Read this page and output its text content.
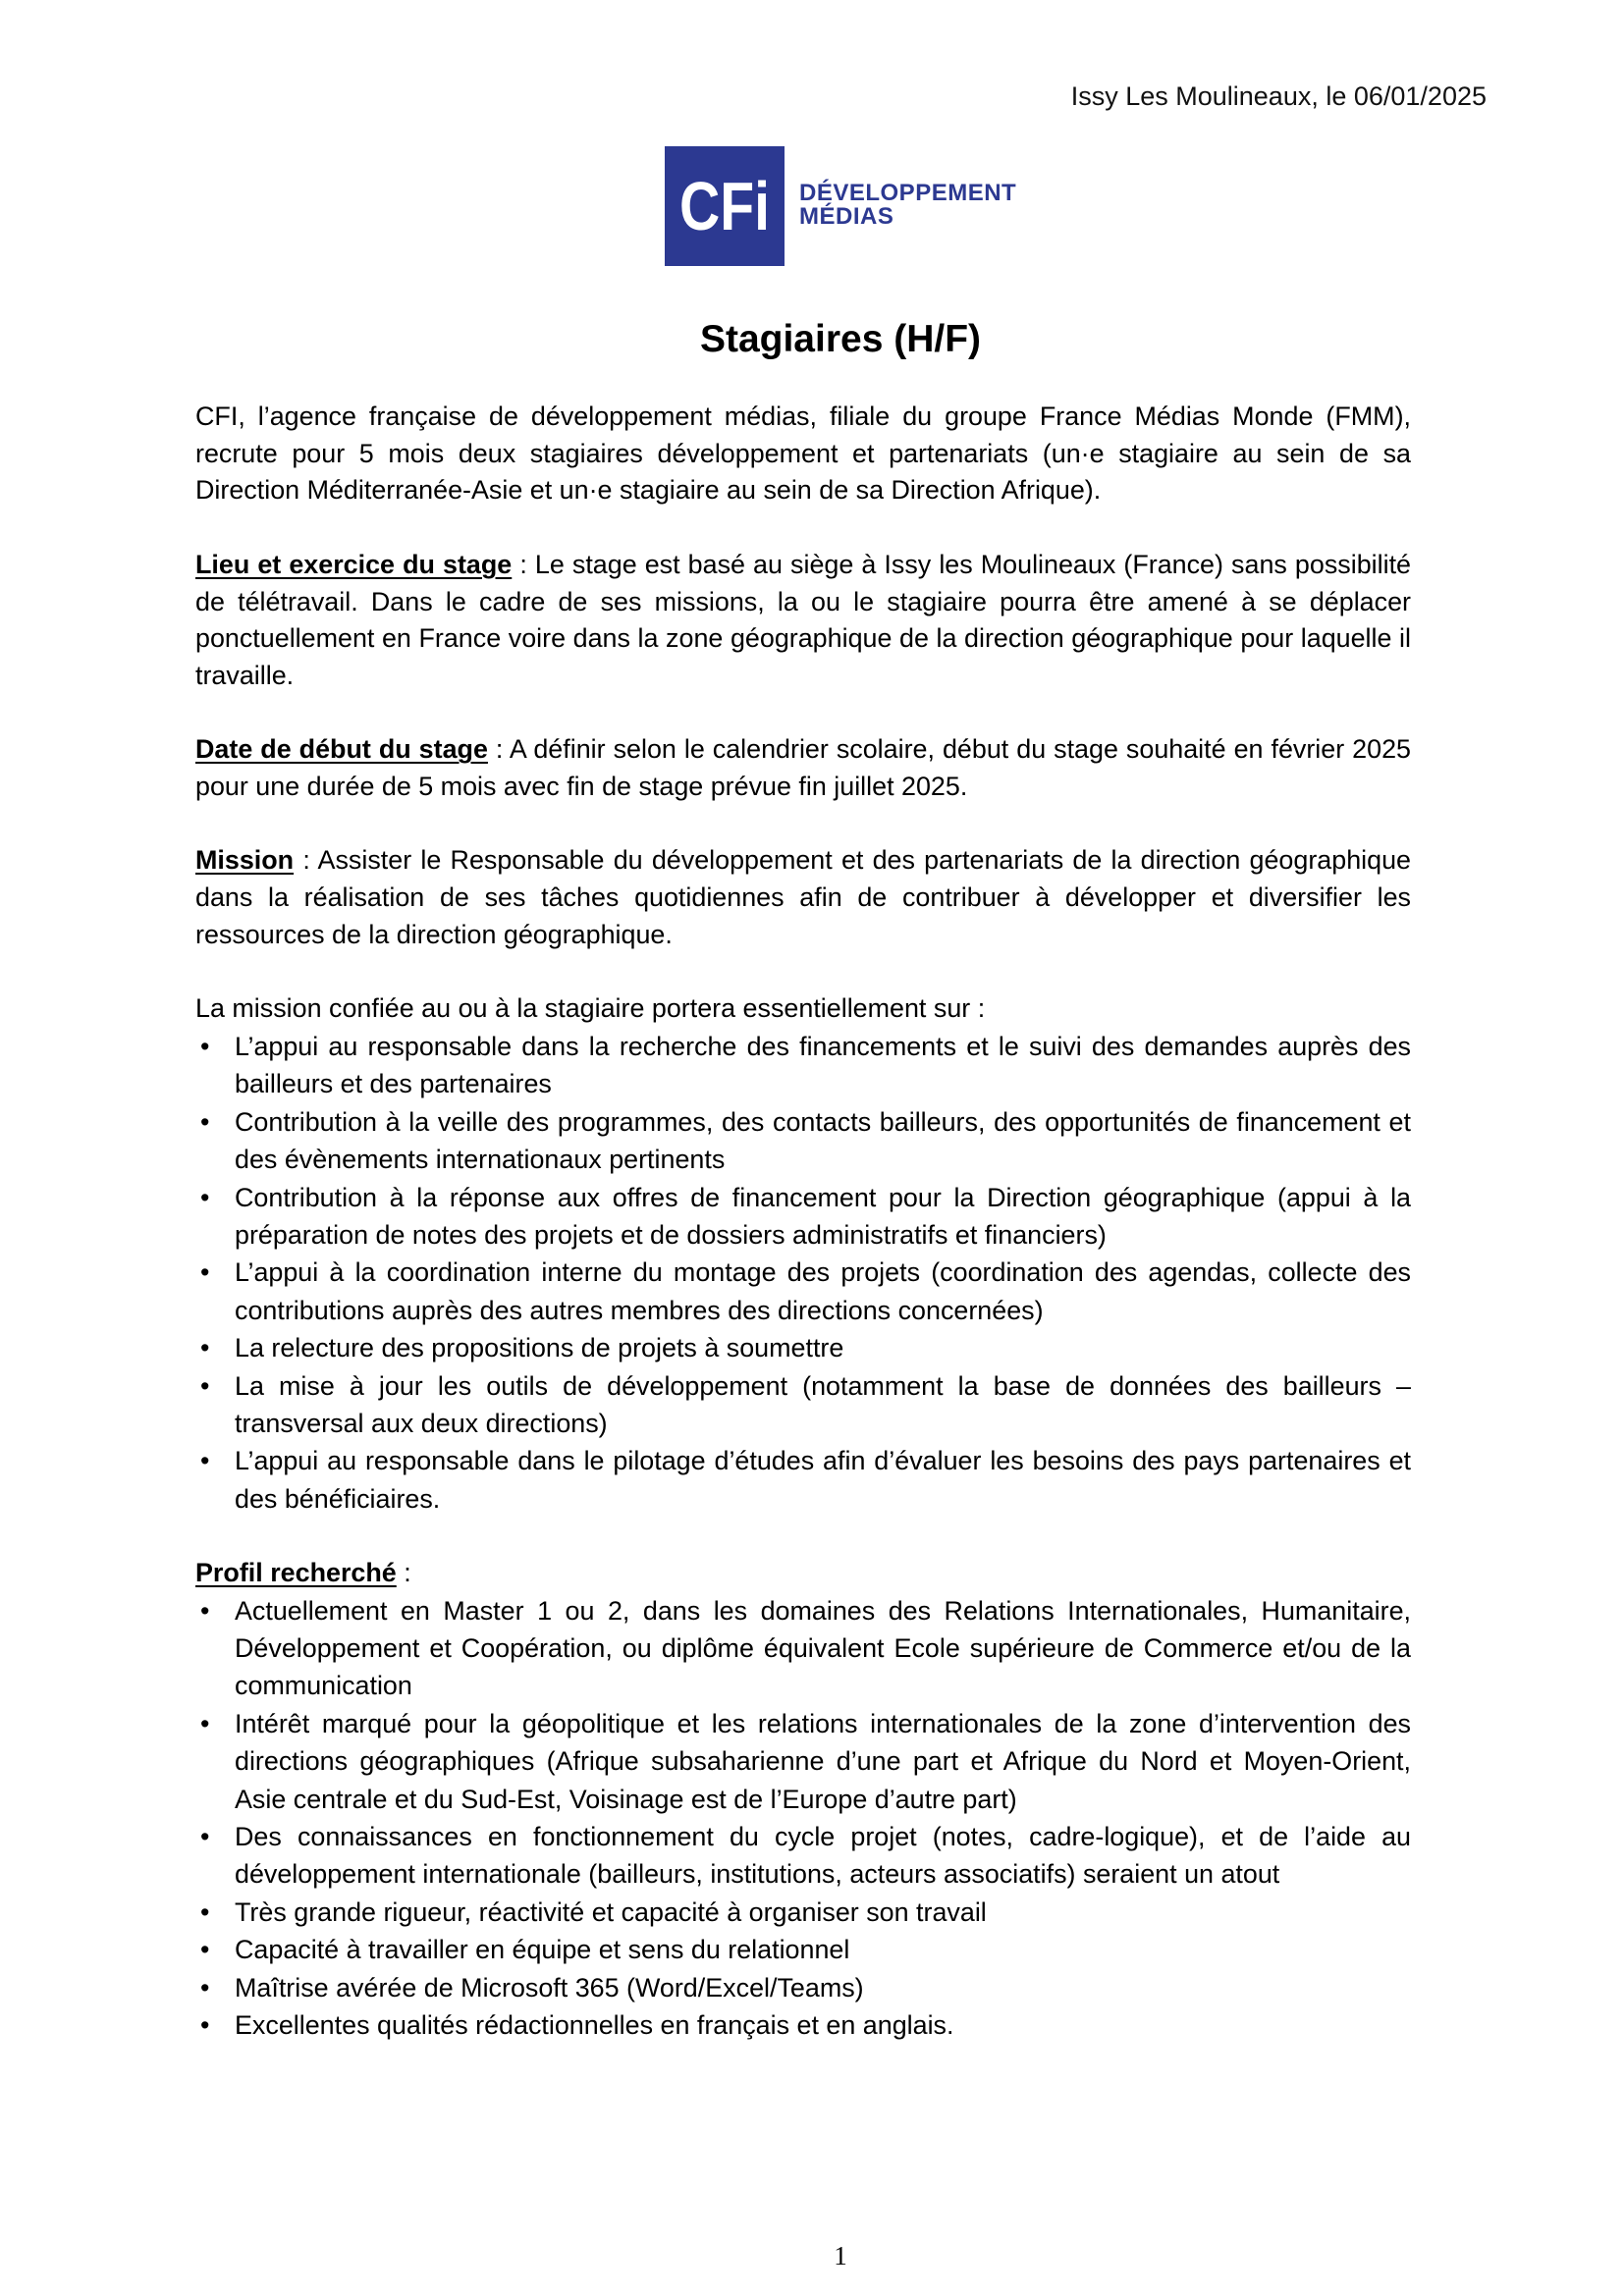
Issy Les Moulineaux, le 06/01/2025
CFi DÉVELOPPEMENT
MÉDIAS
Stagiaires (H/F)

CFI, l’agence française de développement médias, filiale du groupe France Médias Monde (FMM), recrute pour 5 mois deux stagiaires développement et partenariats (un·e stagiaire au sein de sa Direction Méditerranée-Asie et un·e stagiaire au sein de sa Direction Afrique).

Lieu et exercice du stage : Le stage est basé au siège à Issy les Moulineaux (France) sans possibilité de télétravail. Dans le cadre de ses missions, la ou le stagiaire pourra être amené à se déplacer ponctuellement en France voire dans la zone géographique de la direction géographique pour laquelle il travaille.

Date de début du stage : A définir selon le calendrier scolaire, début du stage souhaité en février 2025 pour une durée de 5 mois avec fin de stage prévue fin juillet 2025.

Mission : Assister le Responsable du développement et des partenariats de la direction géographique dans la réalisation de ses tâches quotidiennes afin de contribuer à développer et diversifier les ressources de la direction géographique.

La mission confiée au ou à la stagiaire portera essentiellement sur :

• L’appui au responsable dans la recherche des financements et le suivi des demandes auprès des bailleurs et des partenaires
• Contribution à la veille des programmes, des contacts bailleurs, des opportunités de financement et des évènements internationaux pertinents
• Contribution à la réponse aux offres de financement pour la Direction géographique (appui à la préparation de notes des projets et de dossiers administratifs et financiers)
• L’appui à la coordination interne du montage des projets (coordination des agendas, collecte des contributions auprès des autres membres des directions concernées)
• La relecture des propositions de projets à soumettre
• La mise à jour les outils de développement (notamment la base de données des bailleurs – transversal aux deux directions)
• L’appui au responsable dans le pilotage d’études afin d’évaluer les besoins des pays partenaires et des bénéficiaires.

Profil recherché :

• Actuellement en Master 1 ou 2, dans les domaines des Relations Internationales, Humanitaire, Développement et Coopération, ou diplôme équivalent Ecole supérieure de Commerce et/ou de la communication
• Intérêt marqué pour la géopolitique et les relations internationales de la zone d’intervention des directions géographiques (Afrique subsaharienne d’une part et Afrique du Nord et Moyen-Orient, Asie centrale et du Sud-Est, Voisinage est de l’Europe d’autre part)
• Des connaissances en fonctionnement du cycle projet (notes, cadre-logique), et de l’aide au développement internationale (bailleurs, institutions, acteurs associatifs) seraient un atout
• Très grande rigueur, réactivité et capacité à organiser son travail
• Capacité à travailler en équipe et sens du relationnel
• Maîtrise avérée de Microsoft 365 (Word/Excel/Teams)
• Excellentes qualités rédactionnelles en français et en anglais.
1
